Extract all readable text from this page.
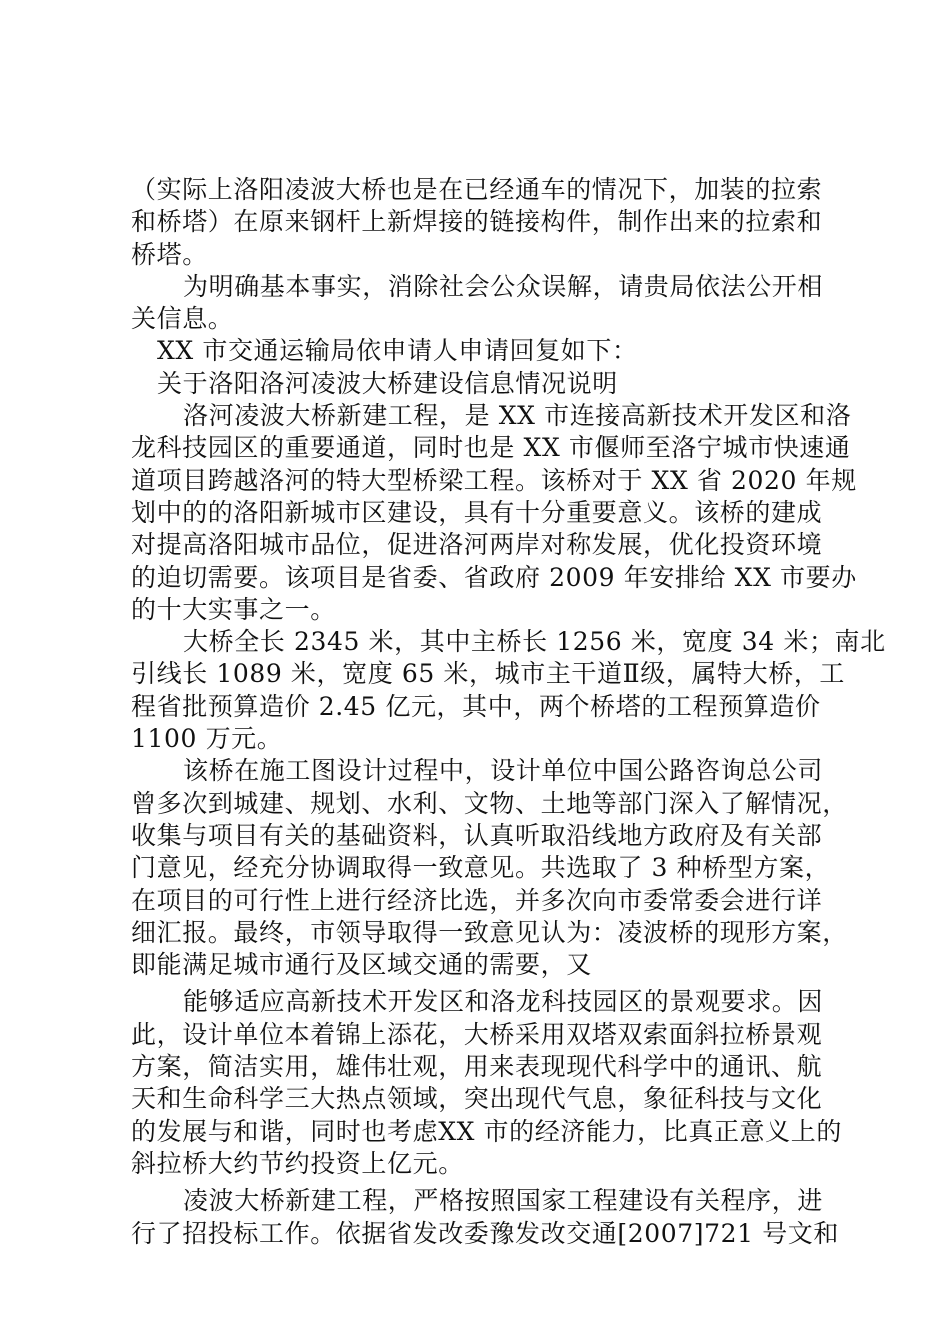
（实际上洛阳凌波大桥也是在已经通车的情况下，加装的拉索
和桥塔）在原来钢杆上新焊接的链接构件，制作出来的拉索和
桥塔。
为明确基本事实，消除社会公众误解，请贵局依法公开相
关信息。
XX 市交通运输局依申请人申请回复如下：
关于洛阳洛河凌波大桥建设信息情况说明
洛河凌波大桥新建工程，是 XX 市连接高新技术开发区和洛
龙科技园区的重要通道，同时也是 XX 市偃师至洛宁城市快速通
道项目跨越洛河的特大型桥梁工程。该桥对于 XX 省 2020 年规
划中的的洛阳新城市区建设，具有十分重要意义。该桥的建成
对提高洛阳城市品位，促进洛河两岸对称发展，优化投资环境
的迫切需要。该项目是省委、省政府 2009 年安排给 XX 市要办
的十大实事之一。
大桥全长 2345 米，其中主桥长 1256 米，宽度 34 米；南北
引线长 1089 米，宽度 65 米，城市主干道Ⅱ级，属特大桥，工
程省批预算造价 2.45 亿元，其中，两个桥塔的工程预算造价
1100 万元。
该桥在施工图设计过程中，设计单位中国公路咨询总公司
曾多次到城建、规划、水利、文物、土地等部门深入了解情况，
收集与项目有关的基础资料，认真听取沿线地方政府及有关部
门意见，经充分协调取得一致意见。共选取了 3 种桥型方案，
在项目的可行性上进行经济比选，并多次向市委常委会进行详
细汇报。最终，市领导取得一致意见认为：凌波桥的现形方案，
即能满足城市通行及区域交通的需要，又
能够适应高新技术开发区和洛龙科技园区的景观要求。因
此，设计单位本着锦上添花，大桥采用双塔双索面斜拉桥景观
方案，简洁实用，雄伟壮观，用来表现现代科学中的通讯、航
天和生命科学三大热点领域，突出现代气息，象征科技与文化
的发展与和谐，同时也考虑XX 市的经济能力，比真正意义上的
斜拉桥大约节约投资上亿元。
凌波大桥新建工程，严格按照国家工程建设有关程序，进
行了招投标工作。依据省发改委豫发改交通[2007]721 号文和
